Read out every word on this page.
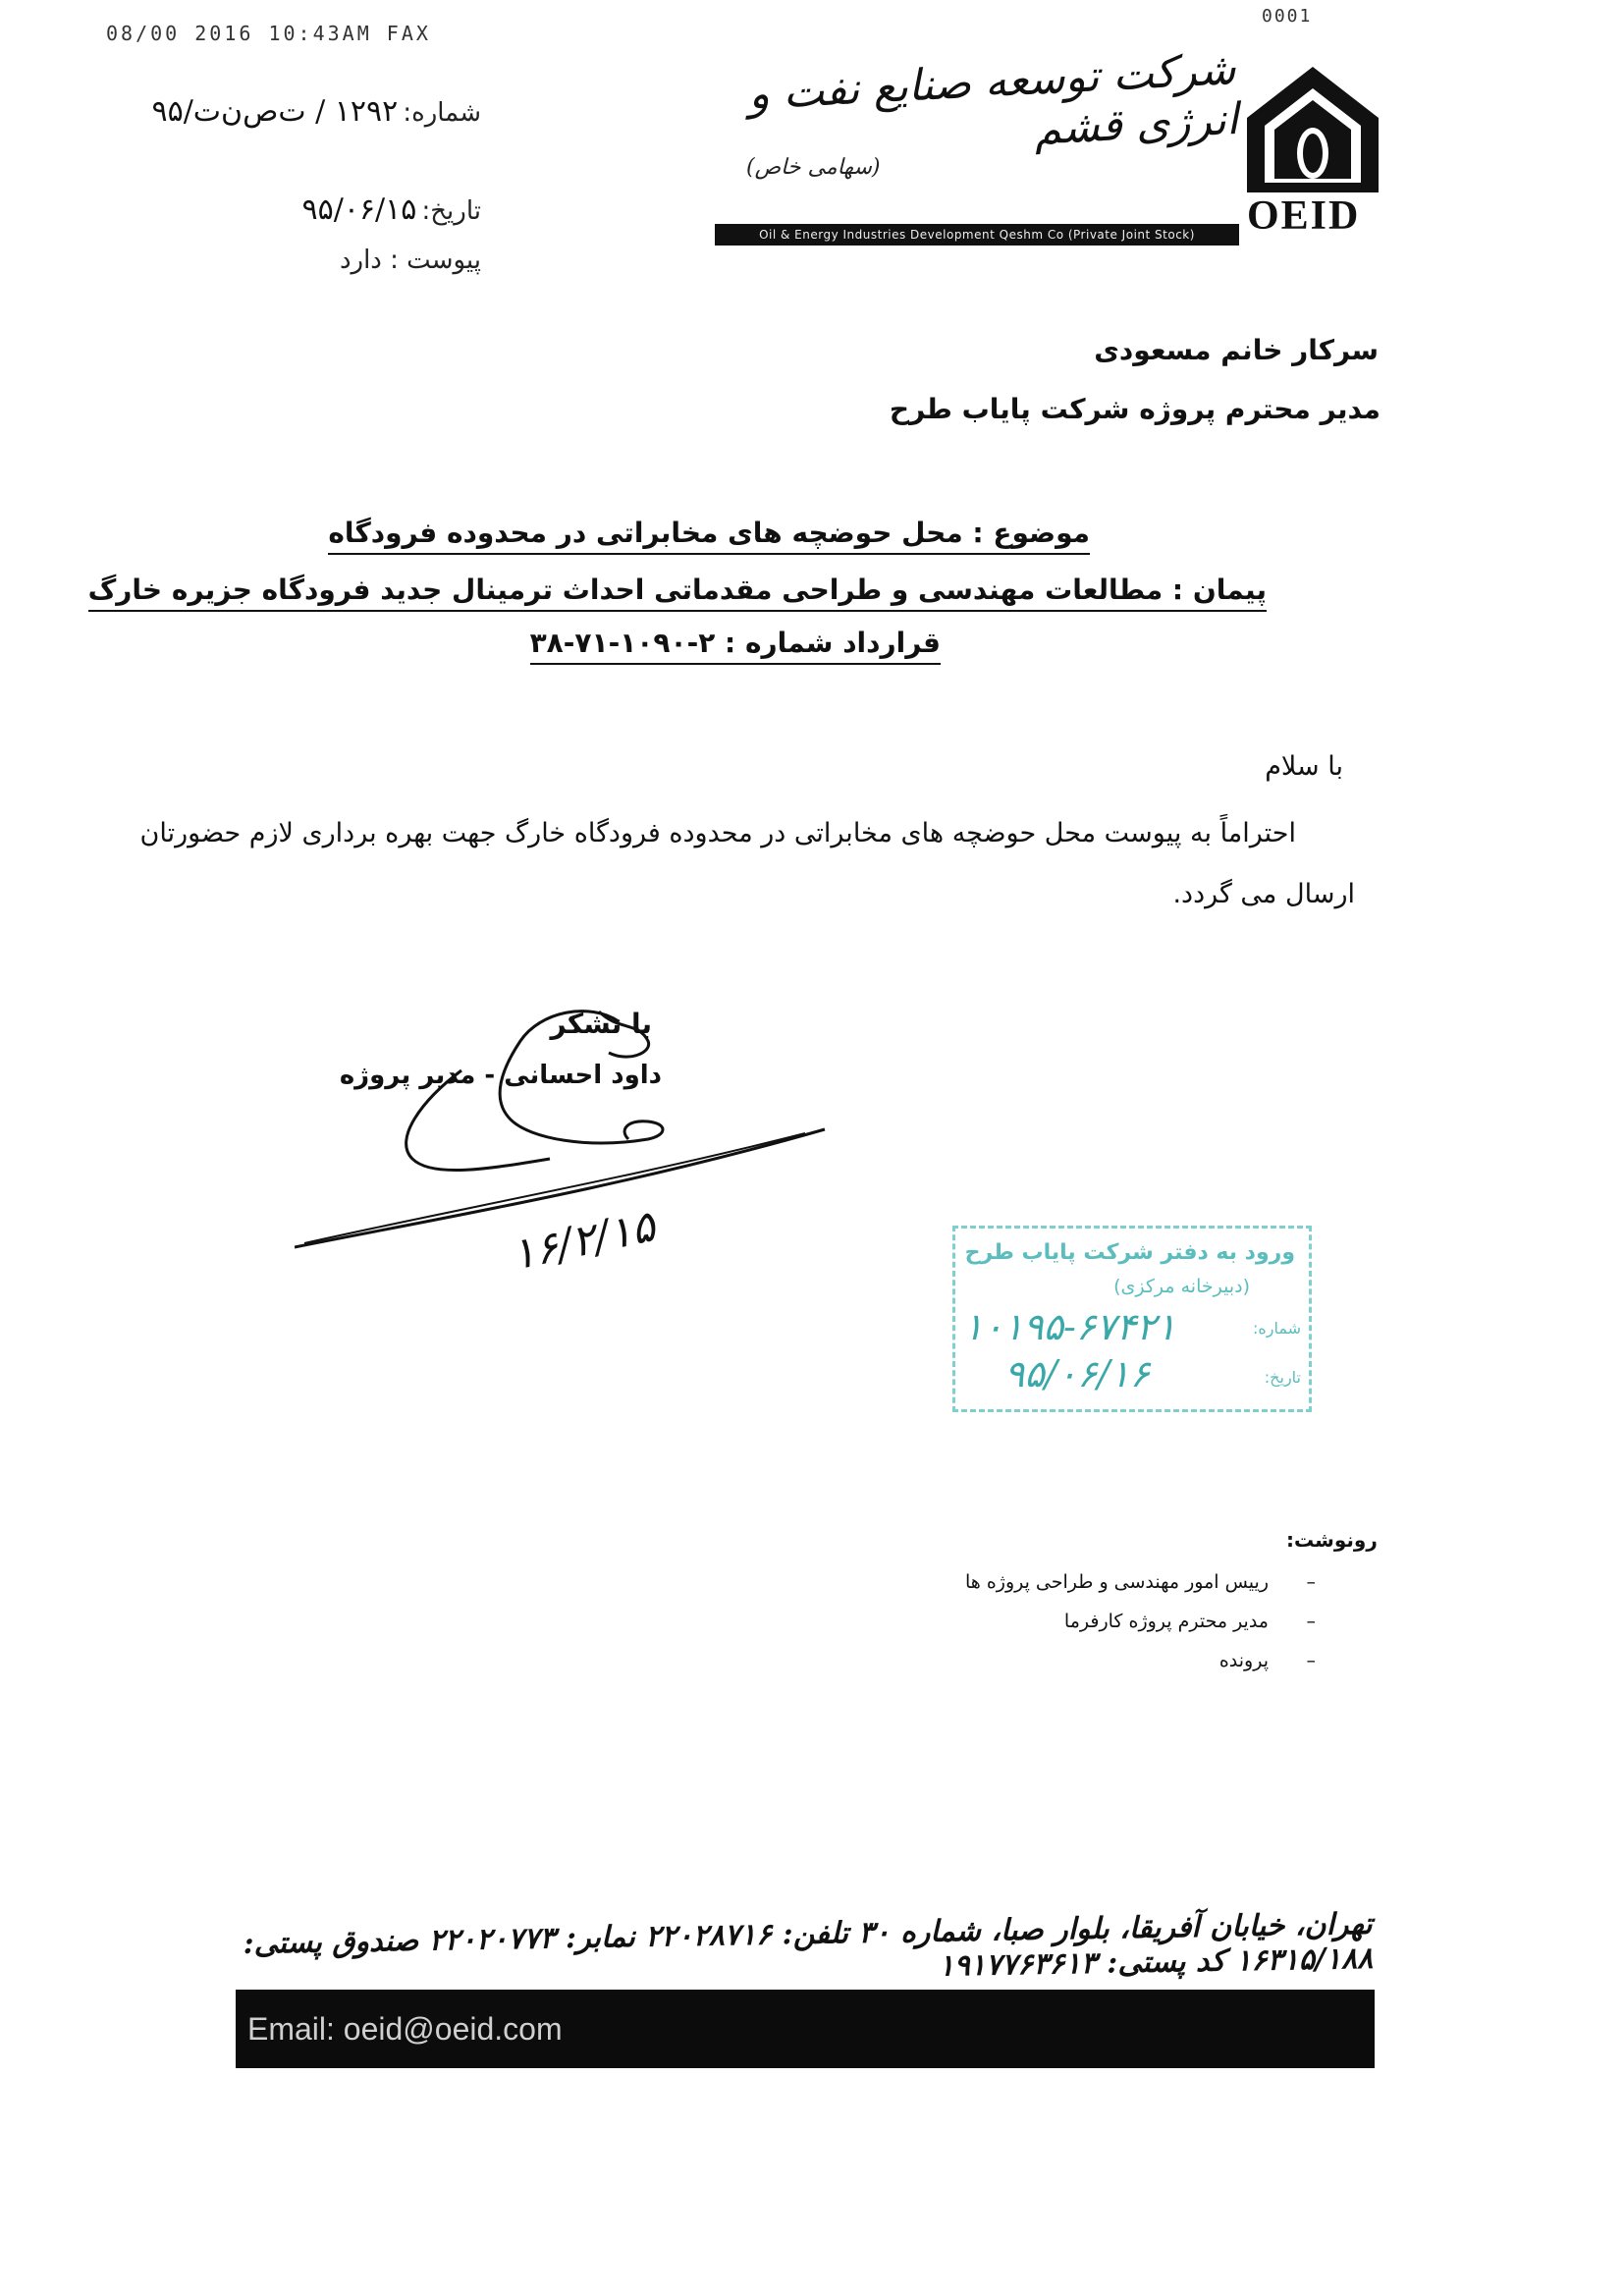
08/00 2016 10:43AM FAX
0001
OEID
شرکت توسعه صنایع نفت و انرژی قشم
(سهامی خاص)
Oil & Energy Industries Development Qeshm Co (Private Joint Stock)
شماره: ۱۲۹۲ / ت‌ص‌ن‌ت/۹۵
تاریخ: ۹۵/۰۶/۱۵
پیوست : دارد
سرکار خانم مسعودی
مدیر محترم پروژه شرکت پایاب طرح
موضوع : محل حوضچه های مخابراتی در محدوده فرودگاه
پیمان : مطالعات مهندسی و طراحی مقدماتی احداث ترمینال جدید فرودگاه جزیره خارگ
قرارداد شماره : ۲-۱۰۹۰-۷۱-۳۸
با سلام
احتراماً به پیوست محل حوضچه های مخابراتی در محدوده فرودگاه خارگ جهت بهره برداری لازم حضورتان
ارسال می گردد.
با تشکر
داود احسانی - مدیر پروژه
۱۶/۲/۱۵	ورود به دفتر شرکت پایاب طرح
(دبیرخانه مرکزی)
شماره:
۱۰۱۹۵-۶۷۴۲۱
تاریخ:
۹۵/۰۶/۱۶
رونوشت:
–
رییس امور مهندسی و طراحی پروژه ها
–
مدیر محترم پروژه کارفرما
–
پرونده
تهران، خیابان آفریقا، بلوار صبا، شماره ۳۰ تلفن: ۲۲۰۲۸۷۱۶ نمابر: ۲۲۰۲۰۷۷۳ صندوق پستی: ۱۶۳۱۵/۱۸۸ کد پستی: ۱۹۱۷۷۶۳۶۱۳
Email: oeid@oeid.com
